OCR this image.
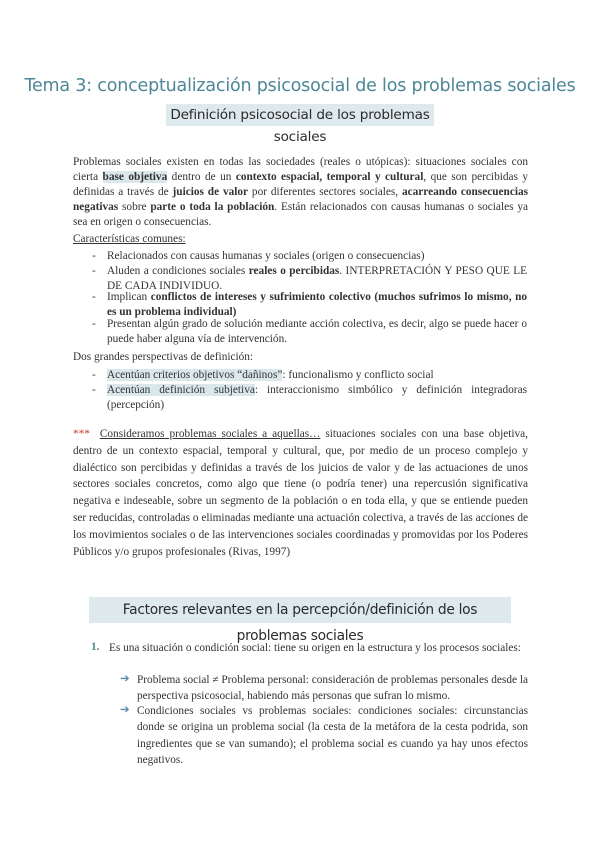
Tema 3: conceptualización psicosocial de los problemas sociales
Definición psicosocial de los problemas sociales
Problemas sociales existen en todas las sociedades (reales o utópicas): situaciones sociales con cierta base objetiva dentro de un contexto espacial, temporal y cultural, que son percibidas y definidas a través de juicios de valor por diferentes sectores sociales, acarreando consecuencias negativas sobre parte o toda la población. Están relacionados con causas humanas o sociales ya sea en origen o consecuencias.
Características comunes:
- Relacionados con causas humanas y sociales (origen o consecuencias)
- Aluden a condiciones sociales reales o percibidas. INTERPRETACIÓN Y PESO QUE LE DE CADA INDIVIDUO.
- Implican conflictos de intereses y sufrimiento colectivo (muchos sufrimos lo mismo, no es un problema individual)
- Presentan algún grado de solución mediante acción colectiva, es decir, algo se puede hacer o puede haber alguna vía de intervención.
Dos grandes perspectivas de definición:
- Acentúan criterios objetivos “dañinos”: funcionalismo y conflicto social
- Acentúan definición subjetiva: interaccionismo simbólico y definición integradoras (percepción)
*** Consideramos problemas sociales a aquellas… situaciones sociales con una base objetiva, dentro de un contexto espacial, temporal y cultural, que, por medio de un proceso complejo y dialéctico son percibidas y definidas a través de los juicios de valor y de las actuaciones de unos sectores sociales concretos, como algo que tiene (o podría tener) una repercusión significativa negativa e indeseable, sobre un segmento de la población o en toda ella, y que se entiende pueden ser reducidas, controladas o eliminadas mediante una actuación colectiva, a través de las acciones de los movimientos sociales o de las intervenciones sociales coordinadas y promovidas por los Poderes Públicos y/o grupos profesionales (Rivas, 1997)
Factores relevantes en la percepción/definición de los problemas sociales
1. Es una situación o condición social: tiene su origen en la estructura y los procesos sociales:
➔ Problema social ≠ Problema personal: consideración de problemas personales desde la perspectiva psicosocial, habiendo más personas que sufran lo mismo.
➔ Condiciones sociales vs problemas sociales: condiciones sociales: circunstancias donde se origina un problema social (la cesta de la metáfora de la cesta podrida, son ingredientes que se van sumando); el problema social es cuando ya hay unos efectos negativos.
